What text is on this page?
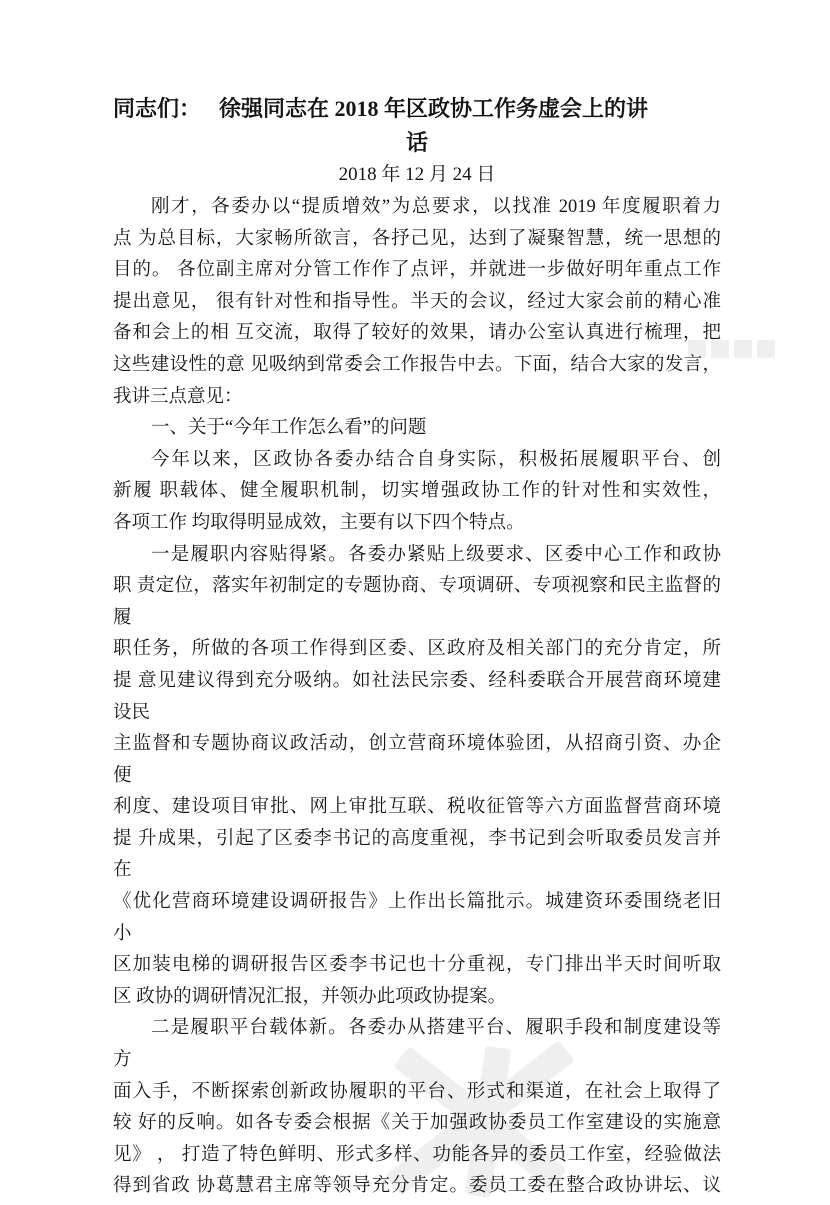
同志们： 徐强同志在 2018 年区政协工作务虚会上的讲
话
2018 年 12 月 24 日
刚才，各委办以“提质增效”为总要求，以找准 2019 年度履职着力
点 为总目标，大家畅所欲言，各抒己见，达到了凝聚智慧，统一思想的
目的。 各位副主席对分管工作作了点评，并就进一步做好明年重点工作
提出意见， 很有针对性和指导性。半天的会议，经过大家会前的精心准
备和会上的相 互交流，取得了较好的效果，请办公室认真进行梳理，把
这些建设性的意 见吸纳到常委会工作报告中去。下面，结合大家的发言，
我讲三点意见：
一、关于“今年工作怎么看”的问题
今年以来，区政协各委办结合自身实际，积极拓展履职平台、创
新履 职载体、健全履职机制，切实增强政协工作的针对性和实效性，
各项工作 均取得明显成效，主要有以下四个特点。
一是履职内容贴得紧。各委办紧贴上级要求、区委中心工作和政协
职 责定位，落实年初制定的专题协商、专项调研、专项视察和民主监督的履
职任务，所做的各项工作得到区委、区政府及相关部门的充分肯定，所
提 意见建议得到充分吸纳。如社法民宗委、经科委联合开展营商环境建
设民
主监督和专题协商议政活动，创立营商环境体验团，从招商引资、办企
便
利度、建设项目审批、网上审批互联、税收征管等六方面监督营商环境
提 升成果，引起了区委李书记的高度重视，李书记到会听取委员发言并
在
《优化营商环境建设调研报告》上作出长篇批示。城建资环委围绕老旧
小
区加装电梯的调研报告区委李书记也十分重视，专门排出半天时间听取
区 政协的调研情况汇报，并领办此项政协提案。
二是履职平台载体新。各委办从搭建平台、履职手段和制度建设等
方
面入手，不断探索创新政协履职的平台、形式和渠道，在社会上取得了
较 好的反响。如各专委会根据《关于加强政协委员工作室建设的实施意
见》 ， 打造了特色鲜明、形式多样、功能各异的委员工作室，经验做法
得到省政 协葛慧君主席等领导充分肯定。委员工委在整合政协讲坛、议
